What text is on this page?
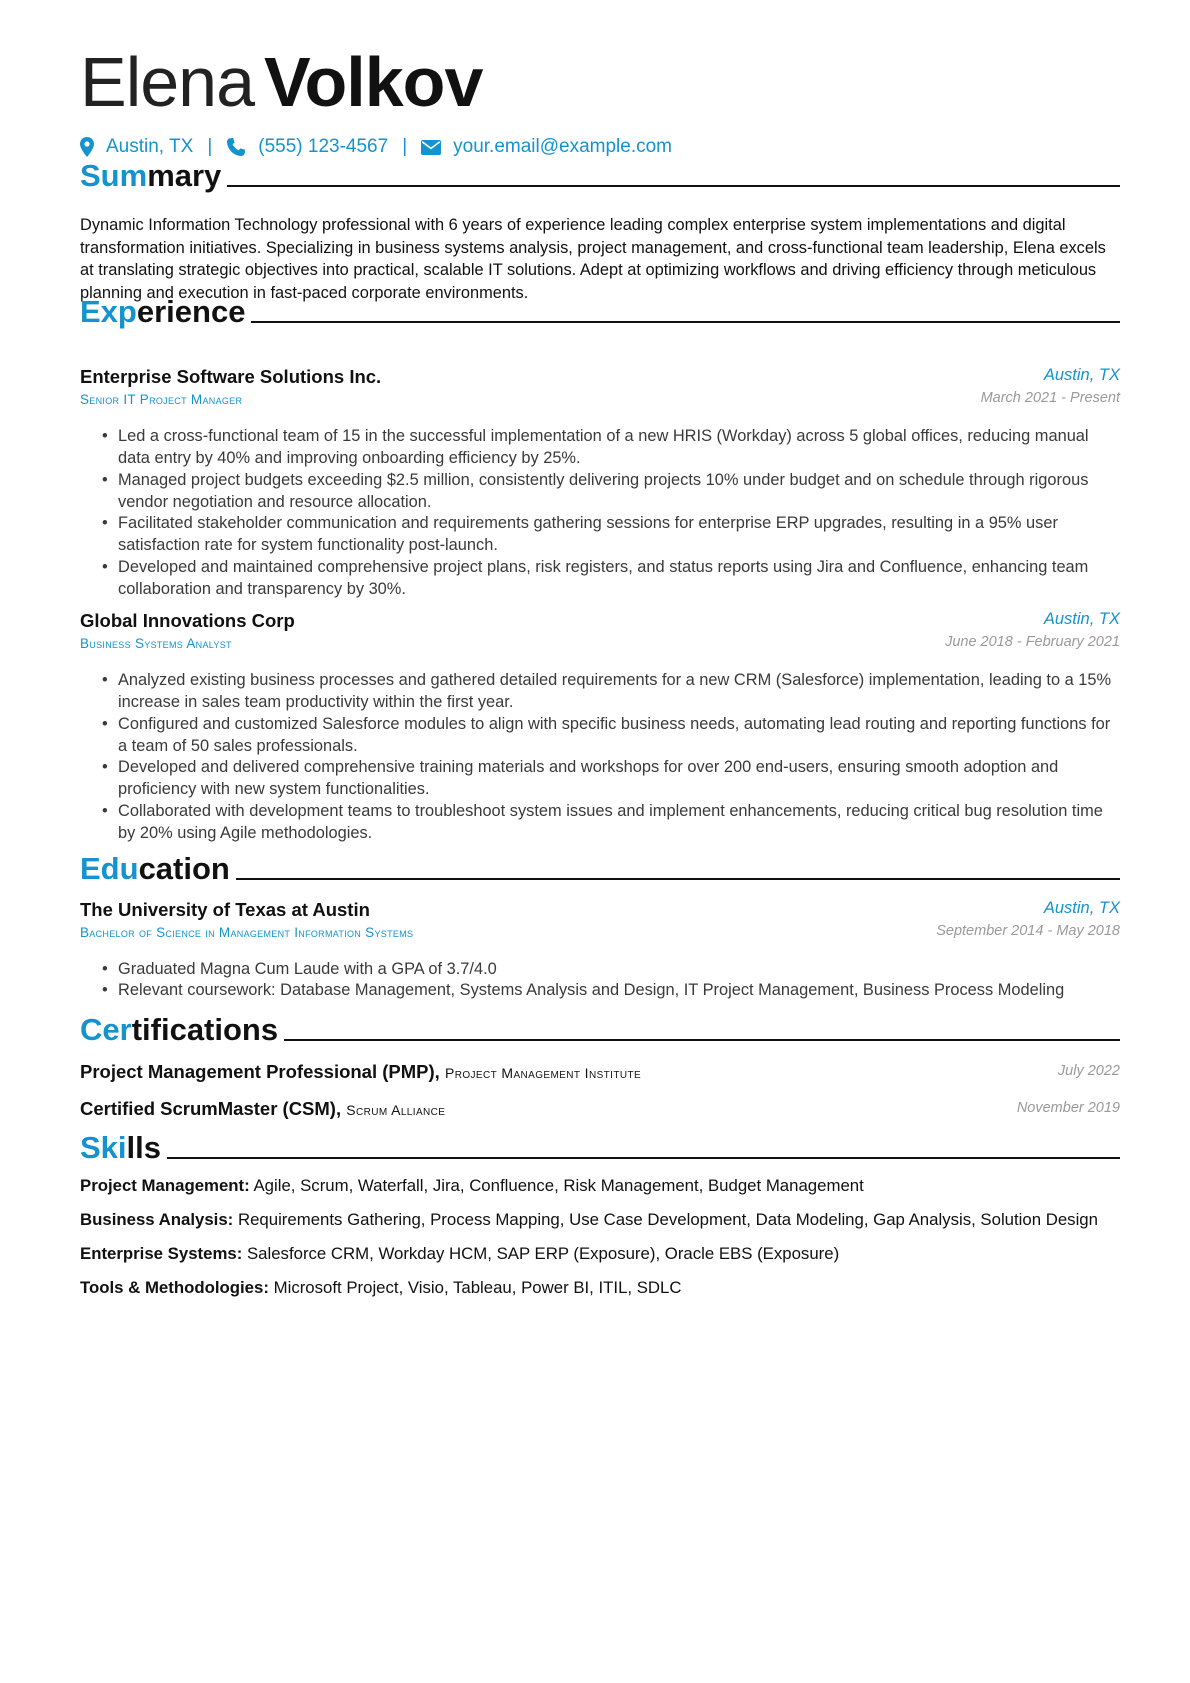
Elena Volkov
Austin, TX | (555) 123-4567 | your.email@example.com
Summary
Dynamic Information Technology professional with 6 years of experience leading complex enterprise system implementations and digital transformation initiatives. Specializing in business systems analysis, project management, and cross-functional team leadership, Elena excels at translating strategic objectives into practical, scalable IT solutions. Adept at optimizing workflows and driving efficiency through meticulous planning and execution in fast-paced corporate environments.
Experience
Enterprise Software Solutions Inc.	Austin, TX
Senior IT Project Manager	March 2021 - Present
• Led a cross-functional team of 15 in the successful implementation of a new HRIS (Workday) across 5 global offices, reducing manual data entry by 40% and improving onboarding efficiency by 25%.
• Managed project budgets exceeding $2.5 million, consistently delivering projects 10% under budget and on schedule through rigorous vendor negotiation and resource allocation.
• Facilitated stakeholder communication and requirements gathering sessions for enterprise ERP upgrades, resulting in a 95% user satisfaction rate for system functionality post-launch.
• Developed and maintained comprehensive project plans, risk registers, and status reports using Jira and Confluence, enhancing team collaboration and transparency by 30%.
Global Innovations Corp	Austin, TX
Business Systems Analyst	June 2018 - February 2021
• Analyzed existing business processes and gathered detailed requirements for a new CRM (Salesforce) implementation, leading to a 15% increase in sales team productivity within the first year.
• Configured and customized Salesforce modules to align with specific business needs, automating lead routing and reporting functions for a team of 50 sales professionals.
• Developed and delivered comprehensive training materials and workshops for over 200 end-users, ensuring smooth adoption and proficiency with new system functionalities.
• Collaborated with development teams to troubleshoot system issues and implement enhancements, reducing critical bug resolution time by 20% using Agile methodologies.
Education
The University of Texas at Austin	Austin, TX
Bachelor of Science in Management Information Systems	September 2014 - May 2018
• Graduated Magna Cum Laude with a GPA of 3.7/4.0
• Relevant coursework: Database Management, Systems Analysis and Design, IT Project Management, Business Process Modeling
Certifications
Project Management Professional (PMP), Project Management Institute	July 2022
Certified ScrumMaster (CSM), Scrum Alliance	November 2019
Skills
Project Management: Agile, Scrum, Waterfall, Jira, Confluence, Risk Management, Budget Management
Business Analysis: Requirements Gathering, Process Mapping, Use Case Development, Data Modeling, Gap Analysis, Solution Design
Enterprise Systems: Salesforce CRM, Workday HCM, SAP ERP (Exposure), Oracle EBS (Exposure)
Tools & Methodologies: Microsoft Project, Visio, Tableau, Power BI, ITIL, SDLC
